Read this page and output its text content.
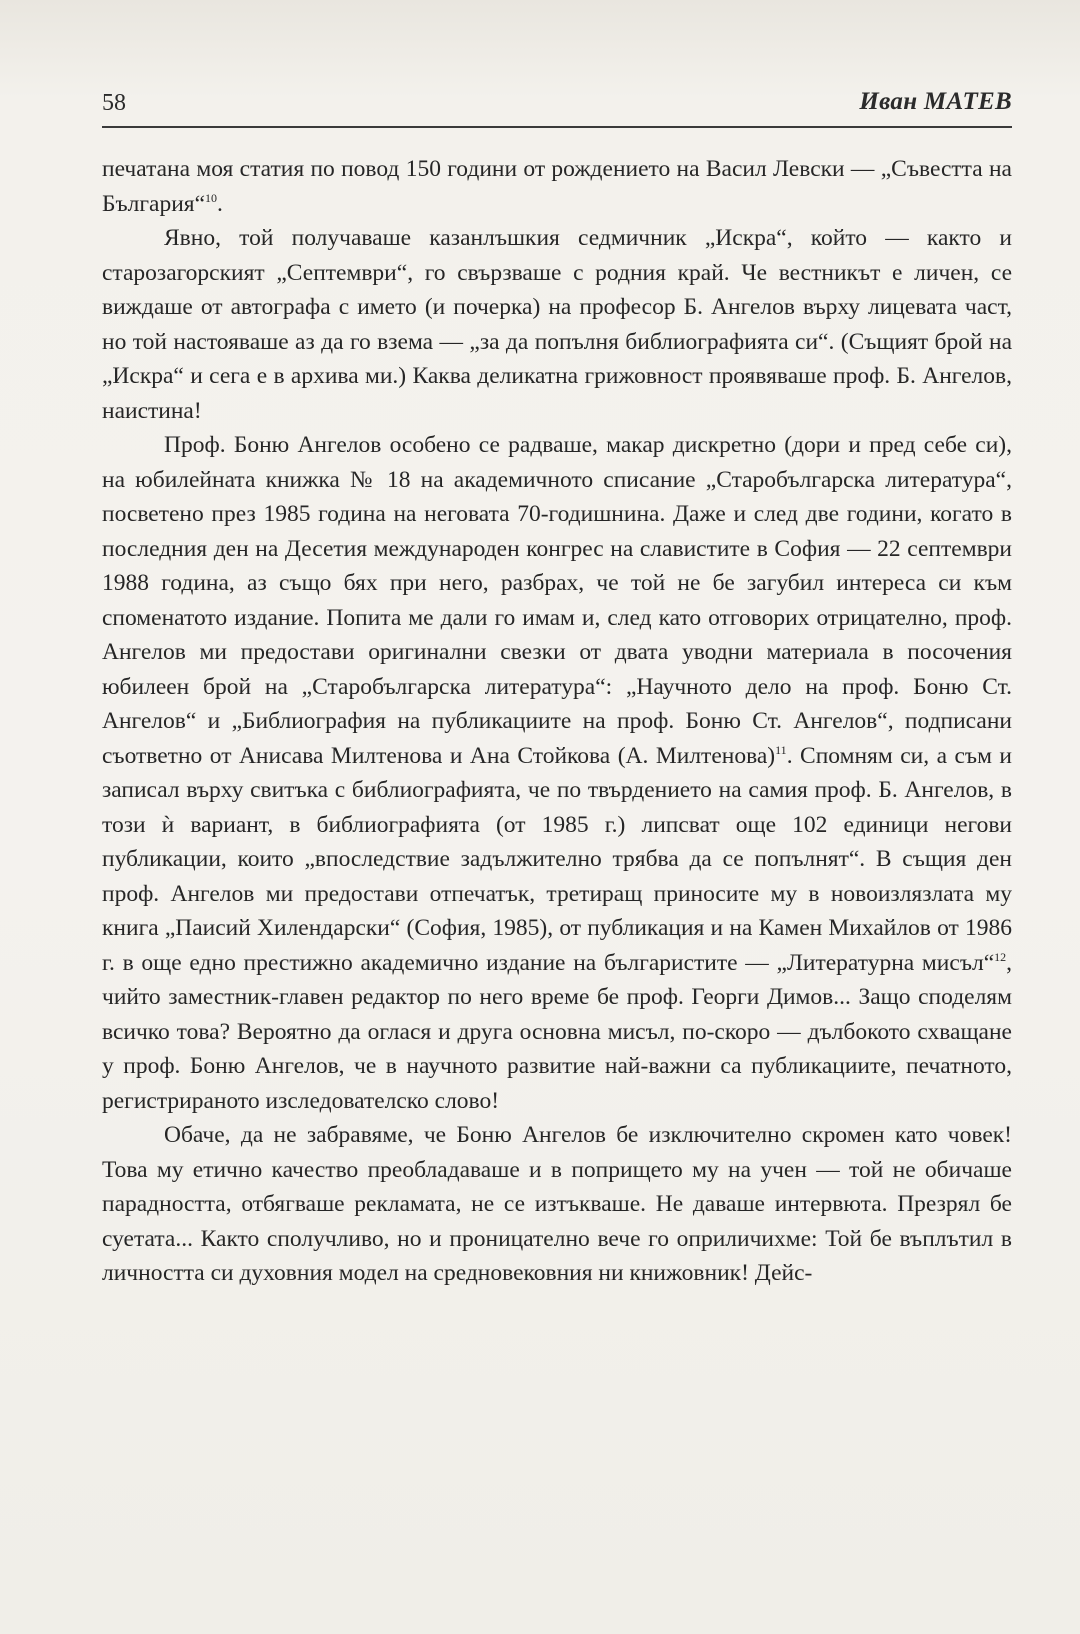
58	Иван МАТЕВ

печатана моя статия по повод 150 години от рождението на Васил Левски — „Съвестта на България“$^{10}$.

Явно, той получаваше казанлъшкия седмичник „Искра“, който — както и старозагорският „Септември“, го свързваше с родния край. Че вестникът е личен, се виждаше от автографа с името (и почерка) на професор Б. Ангелов върху лицевата част, но той настояваше аз да го взема — „за да попълня библиографията си“. (Същият брой на „Искра“ и сега е в архива ми.) Каква деликатна грижовност проявяваше проф. Б. Ангелов, наистина!

Проф. Боню Ангелов особено се радваше, макар дискретно (дори и пред себе си), на юбилейната книжка № 18 на академичното списание „Старобългарска литература“, посветено през 1985 година на неговата 70-годишнина. Даже и след две години, когато в последния ден на Десетия международен конгрес на славистите в София — 22 септември 1988 година, аз също бях при него, разбрах, че той не бе загубил интереса си към споменатото издание. Попита ме дали го имам и, след като отговорих отрицателно, проф. Ангелов ми предостави оригинални свезки от двата уводни материала в посочения юбилеен брой на „Старобългарска литература“: „Научното дело на проф. Боню Ст. Ангелов“ и „Библиография на публикациите на проф. Боню Ст. Ангелов“, подписани съответно от Анисава Милтенова и Ана Стойкова (А. Милтенова)$^{11}$. Спомням си, а съм и записал върху свитъка с библиографията, че по твърдението на самия проф. Б. Ангелов, в този ѝ вариант, в библиографията (от 1985 г.) липсват още 102 единици негови публикации, които „впоследствие задължително трябва да се попълнят“. В същия ден проф. Ангелов ми предостави отпечатък, третиращ приносите му в новоизлязлата му книга „Паисий Хилендарски“ (София, 1985), от публикация и на Камен Михайлов от 1986 г. в още едно престижно академично издание на българистите — „Литературна мисъл“$^{12}$, чийто заместник-главен редактор по него време бе проф. Георги Димов... Защо споделям всичко това? Вероятно да оглася и друга основна мисъл, по-скоро — дълбокото схващане у проф. Боню Ангелов, че в научното развитие най-важни са публикациите, печатното, регистрираното изследователско слово!

Обаче, да не забравяме, че Боню Ангелов бе изключително скромен като човек! Това му етично качество преобладаваше и в попрището му на учен — той не обичаше парадността, отбягваше рекламата, не се изтъкваше. Не даваше интервюта. Презрял бе суетата... Както сполучливо, но и проницателно вече го оприличихме: Той бе въплътил в личността си духовния модел на средновековния ни книжовник! Дейс-
